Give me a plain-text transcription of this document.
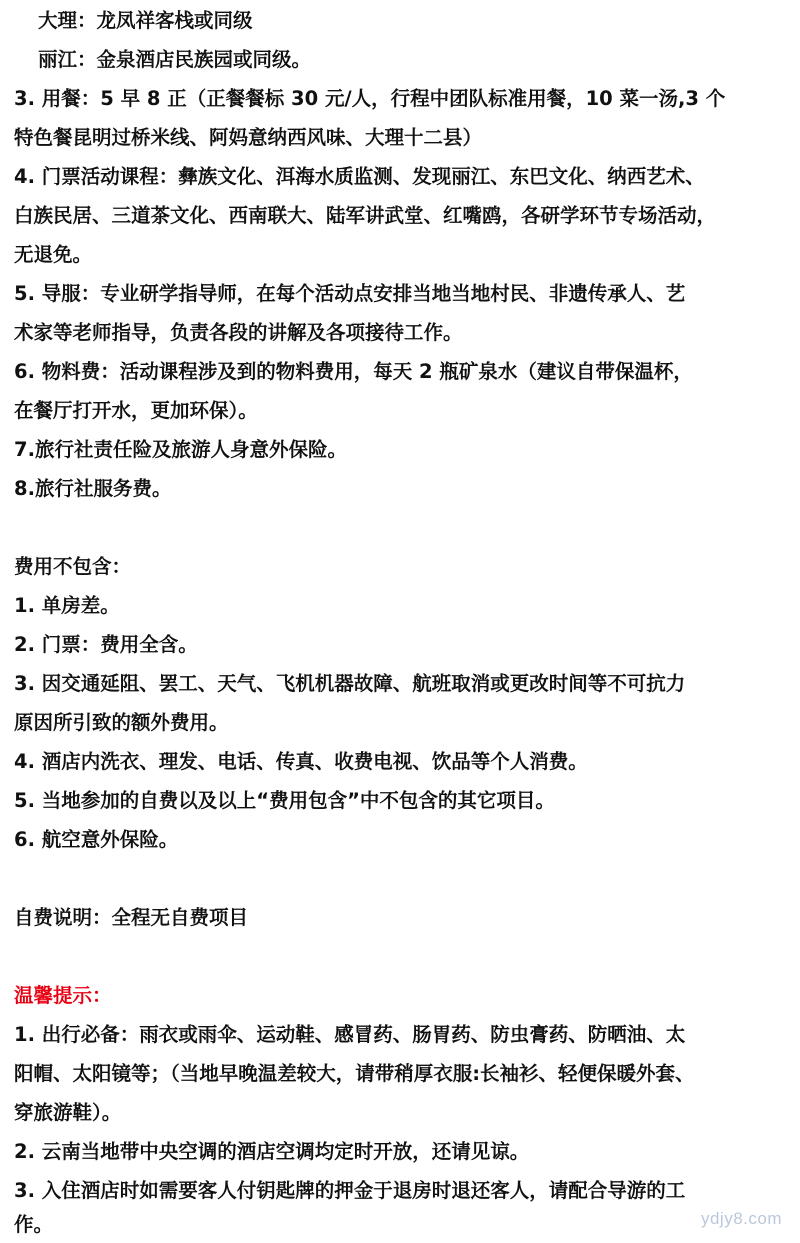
大理：龙凤祥客栈或同级
丽江：金泉酒店民族园或同级。
3. 用餐：5 早 8 正（正餐餐标 30 元/人，行程中团队标准用餐，10 菜一汤,3 个
特色餐昆明过桥米线、阿妈意纳西风味、大理十二县）
4. 门票活动课程：彝族文化、洱海水质监测、发现丽江、东巴文化、纳西艺术、
白族民居、三道茶文化、西南联大、陆军讲武堂、红嘴鸥，各研学环节专场活动，
无退免。
5. 导服：专业研学指导师，在每个活动点安排当地当地村民、非遗传承人、艺
术家等老师指导，负责各段的讲解及各项接待工作。
6. 物料费：活动课程涉及到的物料费用，每天 2 瓶矿泉水（建议自带保温杯，
在餐厅打开水，更加环保）。
7.旅行社责任险及旅游人身意外保险。
8.旅行社服务费。
费用不包含：
1. 单房差。
2. 门票：费用全含。
3. 因交通延阻、罢工、天气、飞机机器故障、航班取消或更改时间等不可抗力
原因所引致的额外费用。
4. 酒店内洗衣、理发、电话、传真、收费电视、饮品等个人消费。
5. 当地参加的自费以及以上“费用包含”中不包含的其它项目。
6. 航空意外保险。
自费说明：全程无自费项目
温馨提示：
1. 出行必备：雨衣或雨伞、运动鞋、感冒药、肠胃药、防虫膏药、防晒油、太
阳帽、太阳镜等；（当地早晚温差较大，请带稍厚衣服:长袖衫、轻便保暖外套、
穿旅游鞋）。
2. 云南当地带中央空调的酒店空调均定时开放，还请见谅。
3. 入住酒店时如需要客人付钥匙牌的押金于退房时退还客人，请配合导游的工
作。	ydjy8.com
